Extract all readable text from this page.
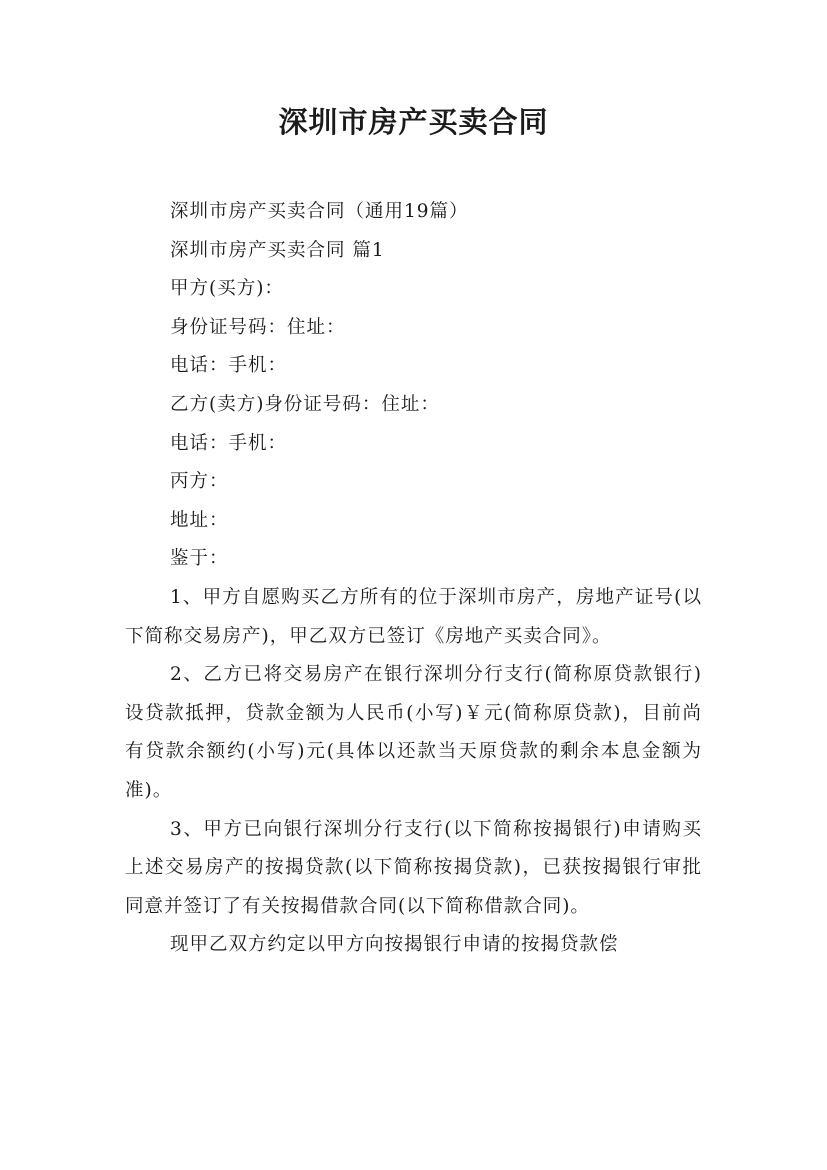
深圳市房产买卖合同

深圳市房产买卖合同（通用19篇）

深圳市房产买卖合同 篇1

甲方(买方)：

身份证号码：住址：

电话：手机：

乙方(卖方)身份证号码：住址：

电话：手机：

丙方：

地址：

鉴于：

1、甲方自愿购买乙方所有的位于深圳市房产，房地产证号(以下简称交易房产)，甲乙双方已签订《房地产买卖合同》。

2、乙方已将交易房产在银行深圳分行支行(简称原贷款银行)设贷款抵押，贷款金额为人民币(小写)￥元(简称原贷款)，目前尚有贷款余额约(小写)元(具体以还款当天原贷款的剩余本息金额为准)。

3、甲方已向银行深圳分行支行(以下简称按揭银行)申请购买上述交易房产的按揭贷款(以下简称按揭贷款)，已获按揭银行审批同意并签订了有关按揭借款合同(以下简称借款合同)。

现甲乙双方约定以甲方向按揭银行申请的按揭贷款偿
